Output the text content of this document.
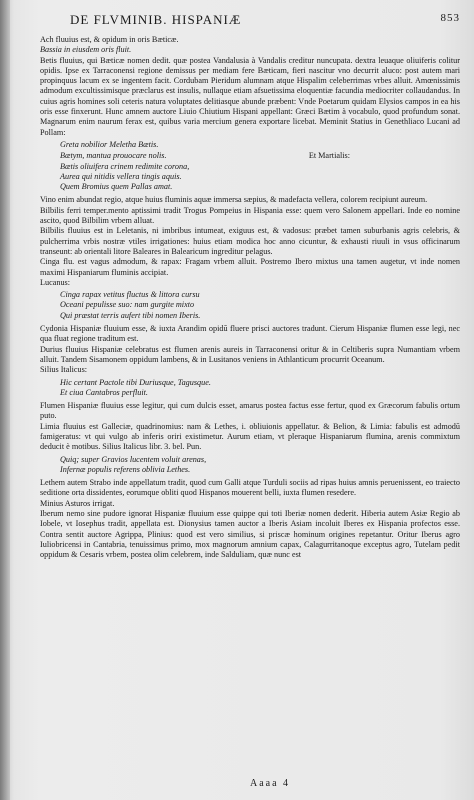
DE FLVMINIB. HISPANIÆ	853

Ach fluuius est, & opidum in oris Bæticæ.

Bassia in eiusdem oris fluit.

Betis fluuius, qui Bæticæ nomen dedit. quæ postea Vandalusia à Vandalis creditur nuncupata. dextra leuaque oliuiferis colitur opidis. Ipse ex Tarraconensi regione demissus per mediam fere Bæticam, fieri nascitur vno decurrit aluco: post autem mari propinquus lacum ex se ingentem facit. Cordubam Pieridum alumnam atque Hispalim celeberrimas vrbes alluit. Amœnissimis admodum excultissimisque præclarus est insulis, nullaque etiam afsuetissima eloquentiæ facundia mediocriter collaudandus. In cuius agris homines soli ceteris natura voluptates delitiasque abunde præbent: Vnde Poetarum quidam Elysios campos in ea his oris esse finxerunt. Hunc amnem auctore Liuio Chiutium Hispani appellant: Græci Bætim à vocabulo, quod profundum sonat. Magnarum enim naurum ferax est, quibus varia mercium genera exportare licebat. Meminit Statius in Genethliaco Lucani ad Pollam:

Greta nobilior Meletha Bætis.
Bætym, mantua prouocare nolis.	Et Martialis:
Bætis oliuifera crinem redimite corona,
Aurea qui nitidis vellera tingis aquis.
Quem Bromius quem Pallas amat.

Vino enim abundat regio, atque huius fluminis aquæ immersa sæpius, & madefacta vellera, colorem recipiunt aureum.

Bilbilis ferri temper.mento aptissimi tradit Trogus Pompeius in Hispania esse: quem vero Salonem appellari. Inde eo nomine ascito, quod Bilbilim vrbem alluat.

Bilbilis fluuius est in Leletanis, ni imbribus intumeat, exiguus est, & vadosus: præbet tamen suburbanis agris celebris, & pulcherrima vrbis nostræ vtiles irrigationes: huius etiam modica hoc anno cicuntur, & exhausti riuuli in vsus officinarum transeunt: ab orientali litore Baleares in Balearicum ingreditur pelagus.

Cinga flu. est vagus admodum, & rapax: Fragam vrbem alluit. Postremo Ibero mixtus una tamen augetur, vt inde nomen maximi Hispaniarum fluminis accipiat.

Lucanus:

Cinga rapax vetitus fluctus & littora cursu
Oceani pepulisse suo: nam gurgite mixto
Qui præstat terris aufert tibi nomen Iberis.

Cydonia Hispaniæ fluuium esse, & iuxta Arandim opidū fluere prisci auctores tradunt. Cierum Hispaniæ flumen esse legi, nec qua fluat regione traditum est.

Durius fluuius Hispaniæ celebratus est flumen arenis aureis in Tarraconensi oritur & in Celtiberis supra Numantiam vrbem alluit. Tandem Sisamonem oppidum lambens, & in Lusitanos veniens in Athlanticum procurrit Oceanum.

Silius Italicus:

Hic certant Pactole tibi Duriusque, Tagusque.
Et ciua Cantabros perfluit.

Flumen Hispaniæ fluuius esse legitur, qui cum dulcis esset, amarus postea factus esse fertur, quod ex Græcorum fabulis ortum puto.

Limia fluuius est Galleciæ, quadrinomius: nam & Lethes, i. obliuionis appellatur. & Belion, & Limia: fabulis est admodū famigeratus: vt qui vulgo ab inferis oriri existimetur. Aurum etiam, vt pleraque Hispaniarum flumina, arenis commixtum deducit è motibus. Silius Italicus libr. 3. bel. Pun.

Quiq; super Gravios lucentem voluit arenas,
Infernæ populis referens oblivia Lethes.

Lethem autem Strabo inde appellatum tradit, quod cum Galli atque Turduli sociis ad ripas huius amnis peruenissent, eo traiecto seditione orta dissidentes, eorumque obliti quod Hispanos mouerent belli, iuxta flumen resedere.

Minius Asturos irrigat.

Iberum nemo sine pudore ignorat Hispaniæ fluuium esse quippe qui toti Iberiæ nomen dederit. Hiberia autem Asiæ Regio ab Iobele, vt Iosephus tradit, appellata est. Dionysius tamen auctor a Iberis Asiam incoluit Iberes ex Hispania profectos esse. Contra sentit auctore Agrippa, Plinius: quod est vero similius, si priscæ hominum origines repetantur. Oritur Iberus agro Iuliobricensi in Cantabria, tenuissimus primo, mox magnorum amnium capax, Calagurritanoque exceptus agro, Tutelam pedit oppidum & Cesaris vrbem, postea olim celebrem, inde Salduliam, quæ nunc est

Aaaa 4
